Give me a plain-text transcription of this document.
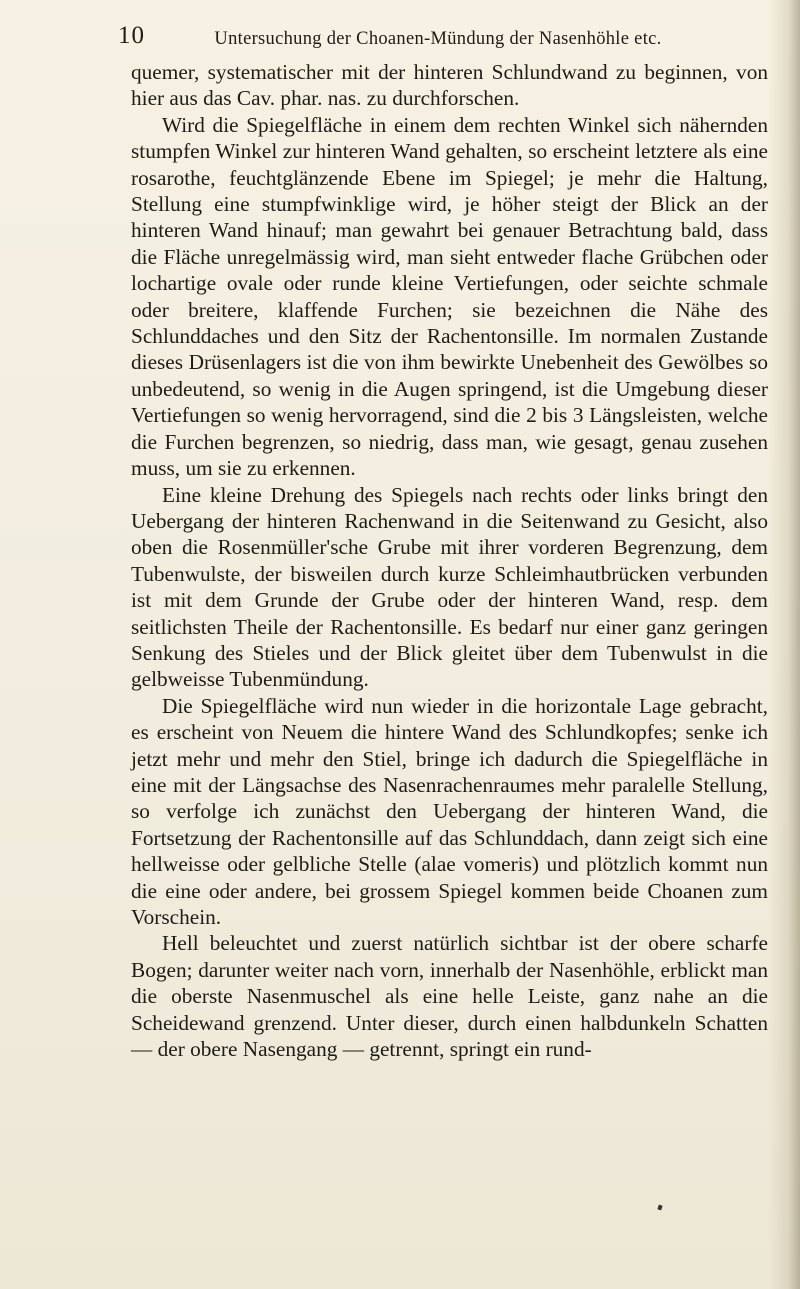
10	Untersuchung der Choanen-Mündung der Nasenhöhle etc.

quemer, systematischer mit der hinteren Schlundwand zu beginnen, von hier aus das Cav. phar. nas. zu durchforschen.

Wird die Spiegelfläche in einem dem rechten Winkel sich nähernden stumpfen Winkel zur hinteren Wand gehalten, so erscheint letztere als eine rosarothe, feuchtglänzende Ebene im Spiegel; je mehr die Haltung, Stellung eine stumpfwinklige wird, je höher steigt der Blick an der hinteren Wand hinauf; man gewahrt bei genauer Betrachtung bald, dass die Fläche unregelmässig wird, man sieht entweder flache Grübchen oder lochartige ovale oder runde kleine Vertiefungen, oder seichte schmale oder breitere, klaffende Furchen; sie bezeichnen die Nähe des Schlunddaches und den Sitz der Rachentonsille. Im normalen Zustande dieses Drüsenlagers ist die von ihm bewirkte Unebenheit des Gewölbes so unbedeutend, so wenig in die Augen springend, ist die Umgebung dieser Vertiefungen so wenig hervorragend, sind die 2 bis 3 Längsleisten, welche die Furchen begrenzen, so niedrig, dass man, wie gesagt, genau zusehen muss, um sie zu erkennen.

Eine kleine Drehung des Spiegels nach rechts oder links bringt den Uebergang der hinteren Rachenwand in die Seitenwand zu Gesicht, also oben die Rosenmüller'sche Grube mit ihrer vorderen Begrenzung, dem Tubenwulste, der bisweilen durch kurze Schleimhautbrücken verbunden ist mit dem Grunde der Grube oder der hinteren Wand, resp. dem seitlichsten Theile der Rachentonsille. Es bedarf nur einer ganz geringen Senkung des Stieles und der Blick gleitet über dem Tubenwulst in die gelbweisse Tubenmündung.

Die Spiegelfläche wird nun wieder in die horizontale Lage gebracht, es erscheint von Neuem die hintere Wand des Schlundkopfes; senke ich jetzt mehr und mehr den Stiel, bringe ich dadurch die Spiegelfläche in eine mit der Längsachse des Nasenrachenraumes mehr paralelle Stellung, so verfolge ich zunächst den Uebergang der hinteren Wand, die Fortsetzung der Rachentonsille auf das Schlunddach, dann zeigt sich eine hellweisse oder gelbliche Stelle (alae vomeris) und plötzlich kommt nun die eine oder andere, bei grossem Spiegel kommen beide Choanen zum Vorschein.

Hell beleuchtet und zuerst natürlich sichtbar ist der obere scharfe Bogen; darunter weiter nach vorn, innerhalb der Nasenhöhle, erblickt man die oberste Nasenmuschel als eine helle Leiste, ganz nahe an die Scheidewand grenzend. Unter dieser, durch einen halbdunkeln Schatten — der obere Nasengang — getrennt, springt ein rund-
